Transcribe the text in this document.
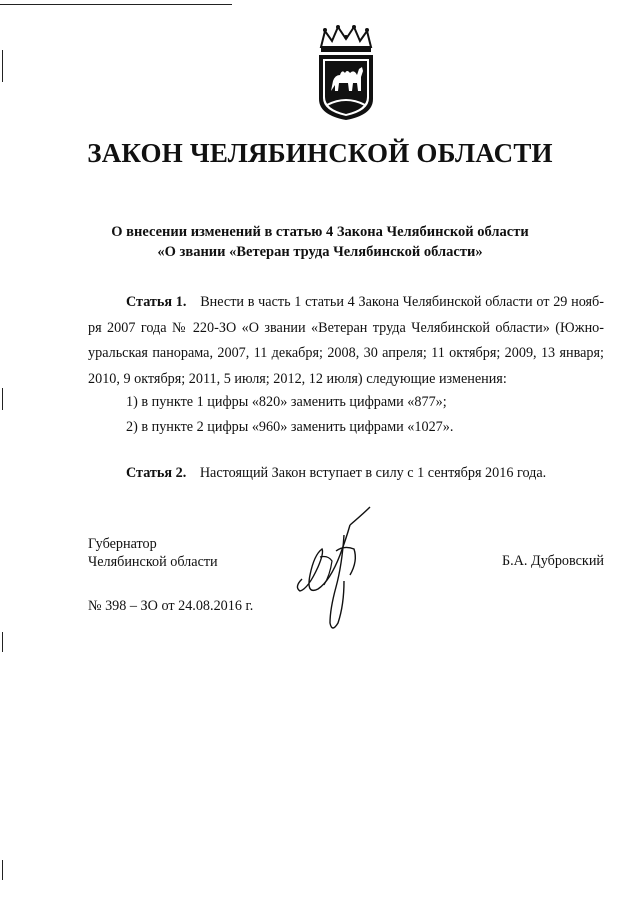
ЗАКОН ЧЕЛЯБИНСКОЙ ОБЛАСТИ
О внесении изменений в статью 4 Закона Челябинской области
«О звании «Ветеран труда Челябинской области»
Статья 1. Внести в часть 1 статьи 4 Закона Челябинской области от 29 нояб- ря 2007 года № 220-ЗО «О звании «Ветеран труда Челябинской области» (Южно-уральская панорама, 2007, 11 декабря; 2008, 30 апреля; 11 октября; 2009, 13 января; 2010, 9 октября; 2011, 5 июля; 2012, 12 июля) следующие изменения:
1) в пункте 1 цифры «820» заменить цифрами «877»;
2) в пункте 2 цифры «960» заменить цифрами «1027».
Статья 2. Настоящий Закон вступает в силу с 1 сентября 2016 года.
Губернатор
Челябинской области	Б.А. Дубровский
№ 398 – ЗО от 24.08.2016 г.
